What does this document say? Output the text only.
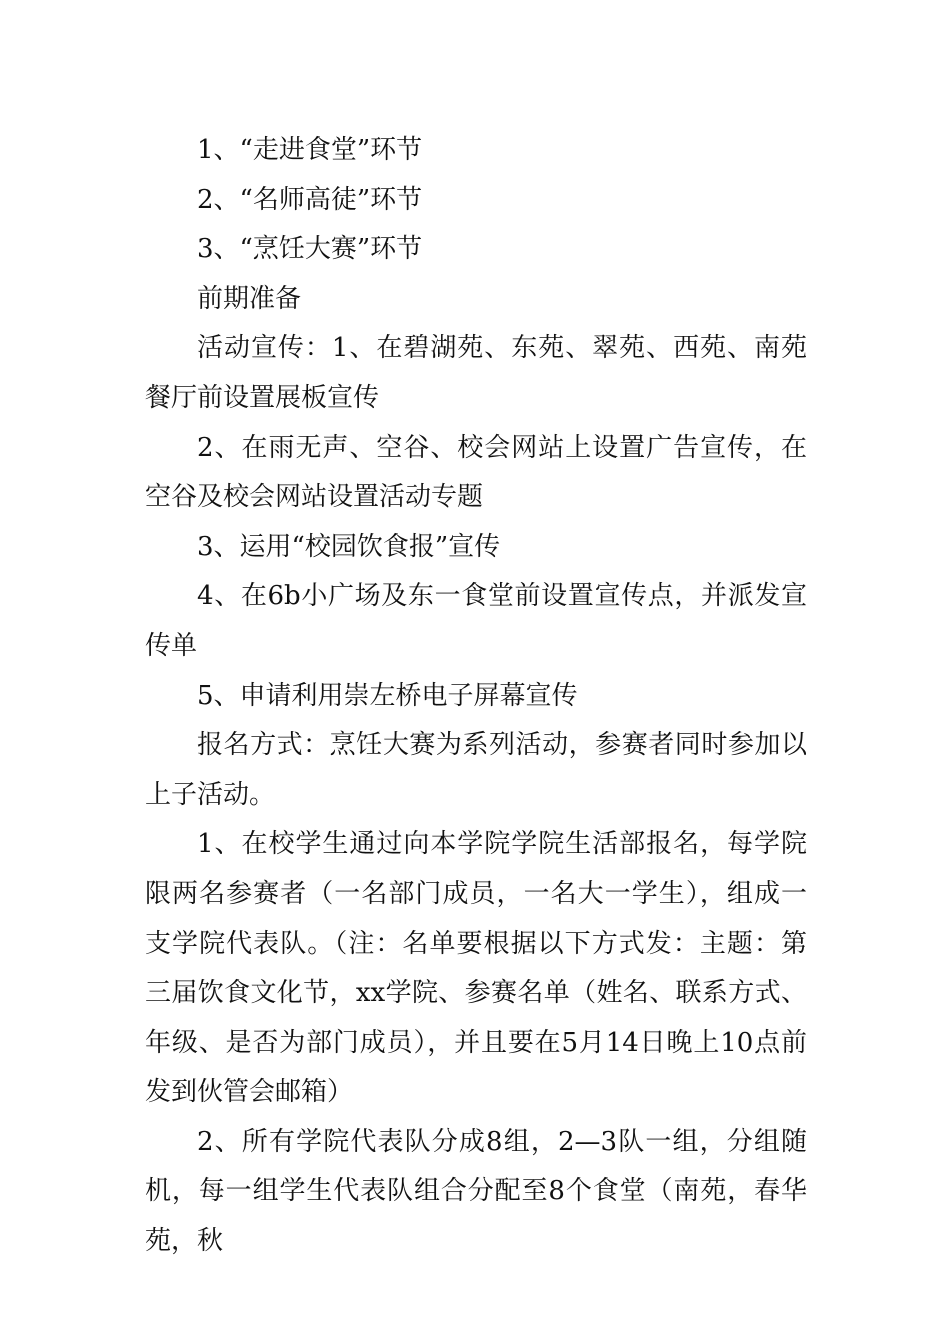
1、“走进食堂”环节

2、“名师高徒”环节

3、“烹饪大赛”环节

前期准备

活动宣传：1、在碧湖苑、东苑、翠苑、西苑、南苑餐厅前设置展板宣传

2、在雨无声、空谷、校会网站上设置广告宣传，在空谷及校会网站设置活动专题

3、运用“校园饮食报”宣传

4、在6b小广场及东一食堂前设置宣传点，并派发宣传单

5、申请利用崇左桥电子屏幕宣传

报名方式：烹饪大赛为系列活动，参赛者同时参加以上子活动。

1、在校学生通过向本学院学院生活部报名，每学院限两名参赛者（一名部门成员，一名大一学生），组成一支学院代表队。（注：名单要根据以下方式发：主题：第三届饮食文化节，xx学院、参赛名单（姓名、联系方式、年级、是否为部门成员），并且要在5月14日晚上10点前发到伙管会邮箱）

2、所有学院代表队分成8组，2—3队一组，分组随机，每一组学生代表队组合分配至8个食堂（南苑，春华苑，秋
